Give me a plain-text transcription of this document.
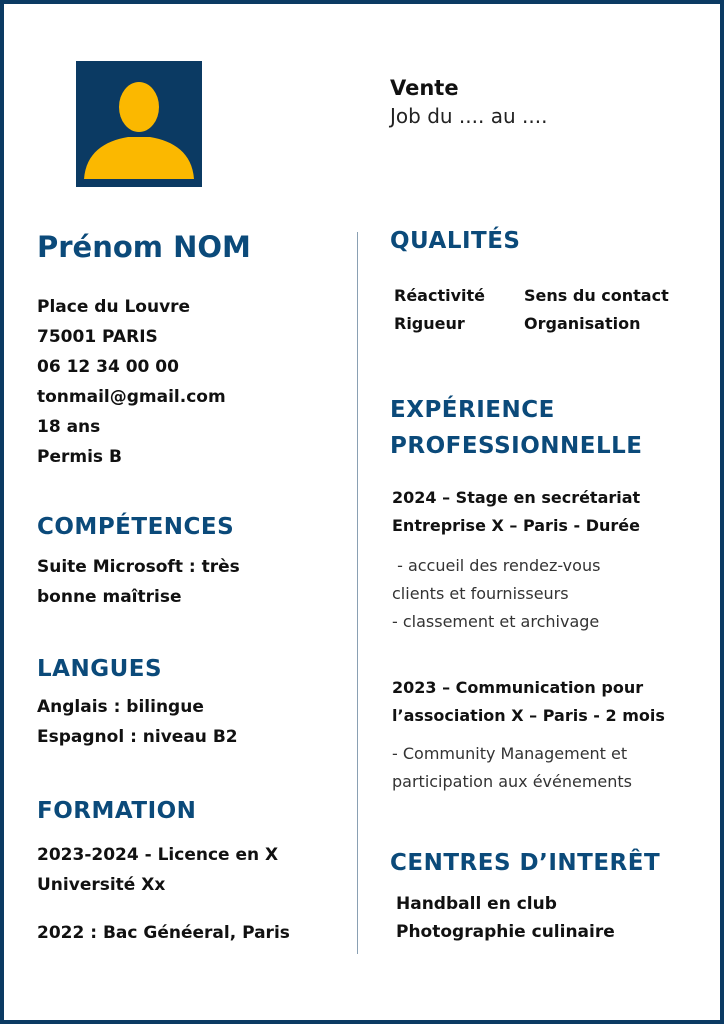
Vente
Job du .... au ....
Prénom NOM
Place du Louvre
75001 PARIS
06 12 34 00 00
tonmail@gmail.com
18 ans
Permis B
COMPÉTENCES
Suite Microsoft : très
bonne maîtrise
LANGUES
Anglais : bilingue
Espagnol : niveau B2
FORMATION
2023-2024 - Licence en X
Université Xx
2022 : Bac Généeral, Paris
QUALITÉS
Réactivité	Sens du contact
Rigueur	Organisation
EXPÉRIENCE
PROFESSIONNELLE
2024 – Stage en secrétariat
Entreprise X – Paris - Durée
- accueil des rendez-vous
clients et fournisseurs
- classement et archivage
2023 – Communication pour
l’association X – Paris - 2 mois
- Community Management et
participation aux événements
CENTRES D’INTERÊT
Handball en club
Photographie culinaire
